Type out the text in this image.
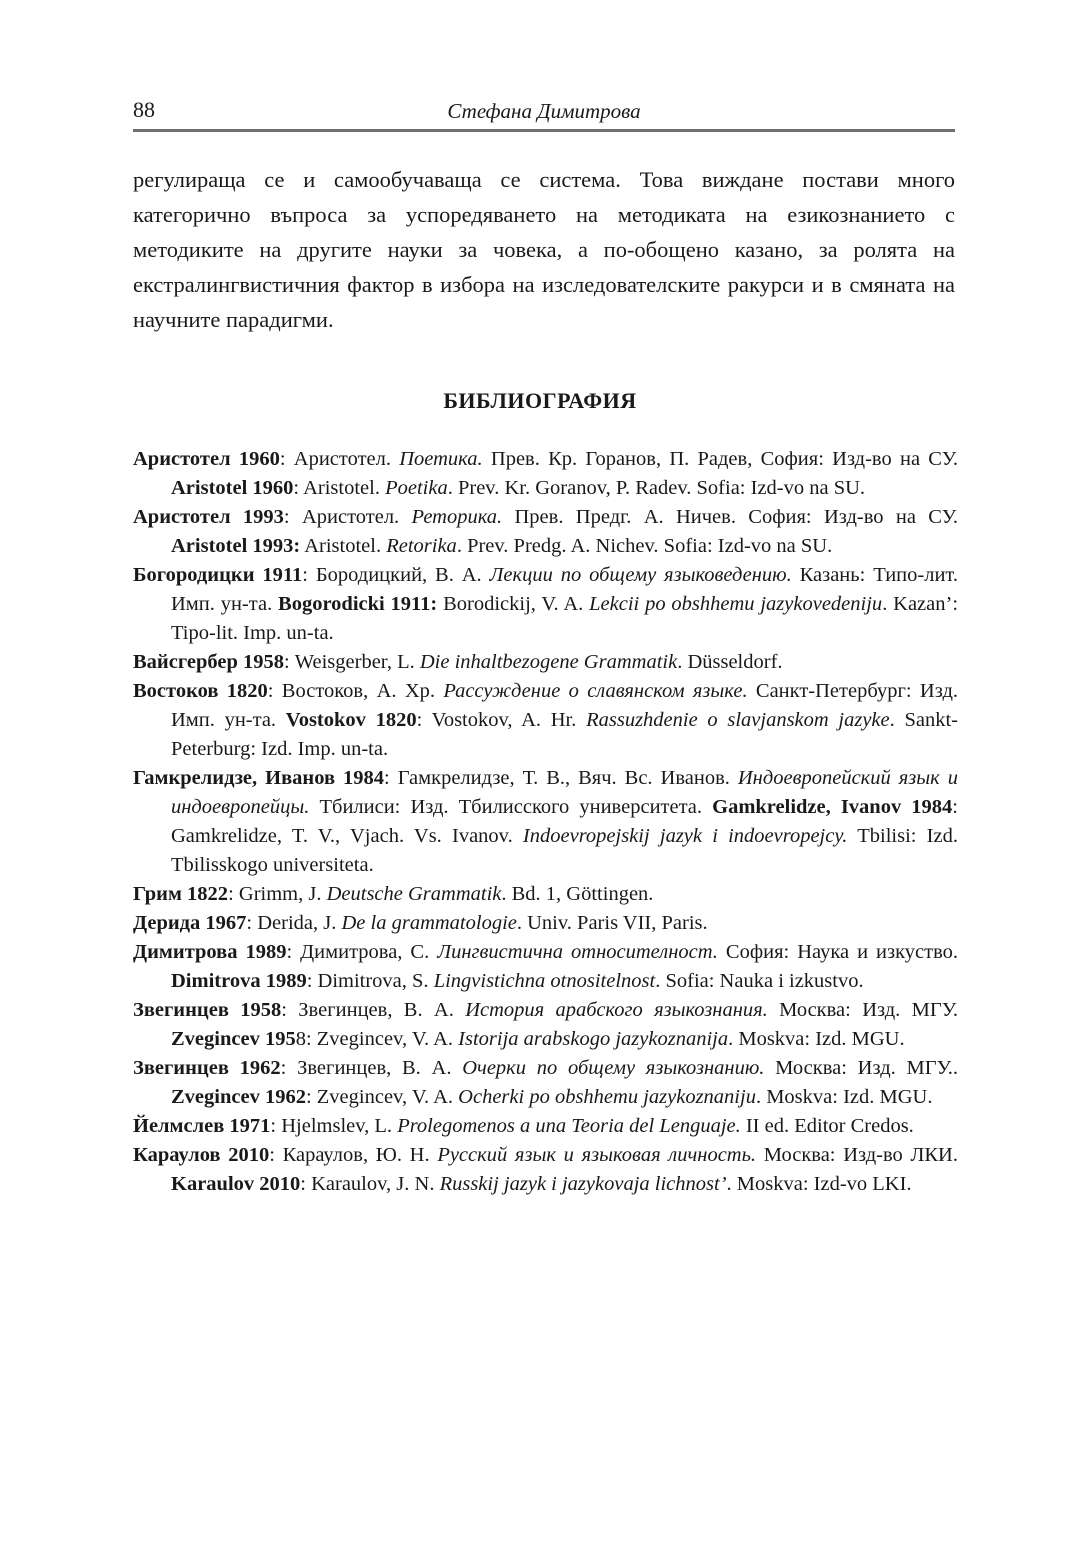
88	Стефана Димитрова

регулираща се и самообучаваща се система. Това виждане постави много категорично въпроса за успоредяването на методиката на езикознанието с методиките на другите науки за човека, а по-обощено казано, за ролята на екстралингвистичния фактор в избора на изследователските ракурси и в смяната на научните парадигми.

БИБЛИОГРАФИЯ

Аристотел 1960: Аристотел. Поетика. Прев. Кр. Горанов, П. Радев, София: Изд-во на СУ. Aristotel 1960: Aristotel. Poetika. Prev. Kr. Goranov, P. Radev. Sofia: Izd-vo na SU.

Аристотел 1993: Аристотел. Реторика. Прев. Предг. А. Ничев. София: Изд-во на СУ. Aristotel 1993: Aristotel. Retorika. Prev. Predg. A. Nichev. Sofia: Izd-vo na SU.

Богородицки 1911: Бородицкий, В. А. Лекции по общему языковедению. Казань: Типо-лит. Имп. ун-та. Bogorodicki 1911: Borodickij, V. A. Lekcii po obshhemu jazykovedeniju. Kazan’: Tipo-lit. Imp. un-ta.

Вайсгербер 1958: Weisgerber, L. Die inhaltbezogene Grammatik. Düsseldorf.

Востоков 1820: Востоков, А. Хр. Рассуждение о славянском языке. Санкт-Петербург: Изд. Имп. ун-та. Vostokov 1820: Vostokov, A. Hr. Rassuzhdenie o slavjanskom jazyke. Sankt-Peterburg: Izd. Imp. un-ta.

Гамкрелидзе, Иванов 1984: Гамкрелидзе, Т. В., Вяч. Вс. Иванов. Индоевропейский язык и индоевропейцы. Тбилиси: Изд. Тбилисского университета. Gamkrelidze, Ivanov 1984: Gamkrelidze, T. V., Vjach. Vs. Ivanov. Indoevropejskij jazyk i indoevropejcy. Tbilisi: Izd. Tbilisskogo universiteta.

Грим 1822: Grimm, J. Deutsche Grammatik. Bd. 1, Göttingen.

Дерида 1967: Derida, J. De la grammatologie. Univ. Paris VII, Paris.

Димитрова 1989: Димитрова, С. Лингвистична относителност. София: Наука и изкуство. Dimitrova 1989: Dimitrova, S. Lingvistichna otnositelnost. Sofia: Nauka i izkustvo.

Звегинцев 1958: Звегинцев, В. А. История арабского языкознания. Москва: Изд. МГУ. Zvegincev 1958: Zvegincev, V. A. Istorija arabskogo jazykoznanija. Moskva: Izd. MGU.

Звегинцев 1962: Звегинцев, В. А. Очерки по общему языкознанию. Москва: Изд. МГУ.. Zvegincev 1962: Zvegincev, V. A. Ocherki po obshhemu jazykoznaniju. Moskva: Izd. MGU.

Йелмслев 1971: Hjelmslev, L. Prolegomenos a una Teoria del Lenguaje. II ed. Editor Credos.

Караулов 2010: Караулов, Ю. Н. Русский язык и языковая личность. Москва: Изд-во ЛКИ. Karaulov 2010: Karaulov, J. N. Russkij jazyk i jazykovaja lichnost’. Moskva: Izd-vo LKI.
